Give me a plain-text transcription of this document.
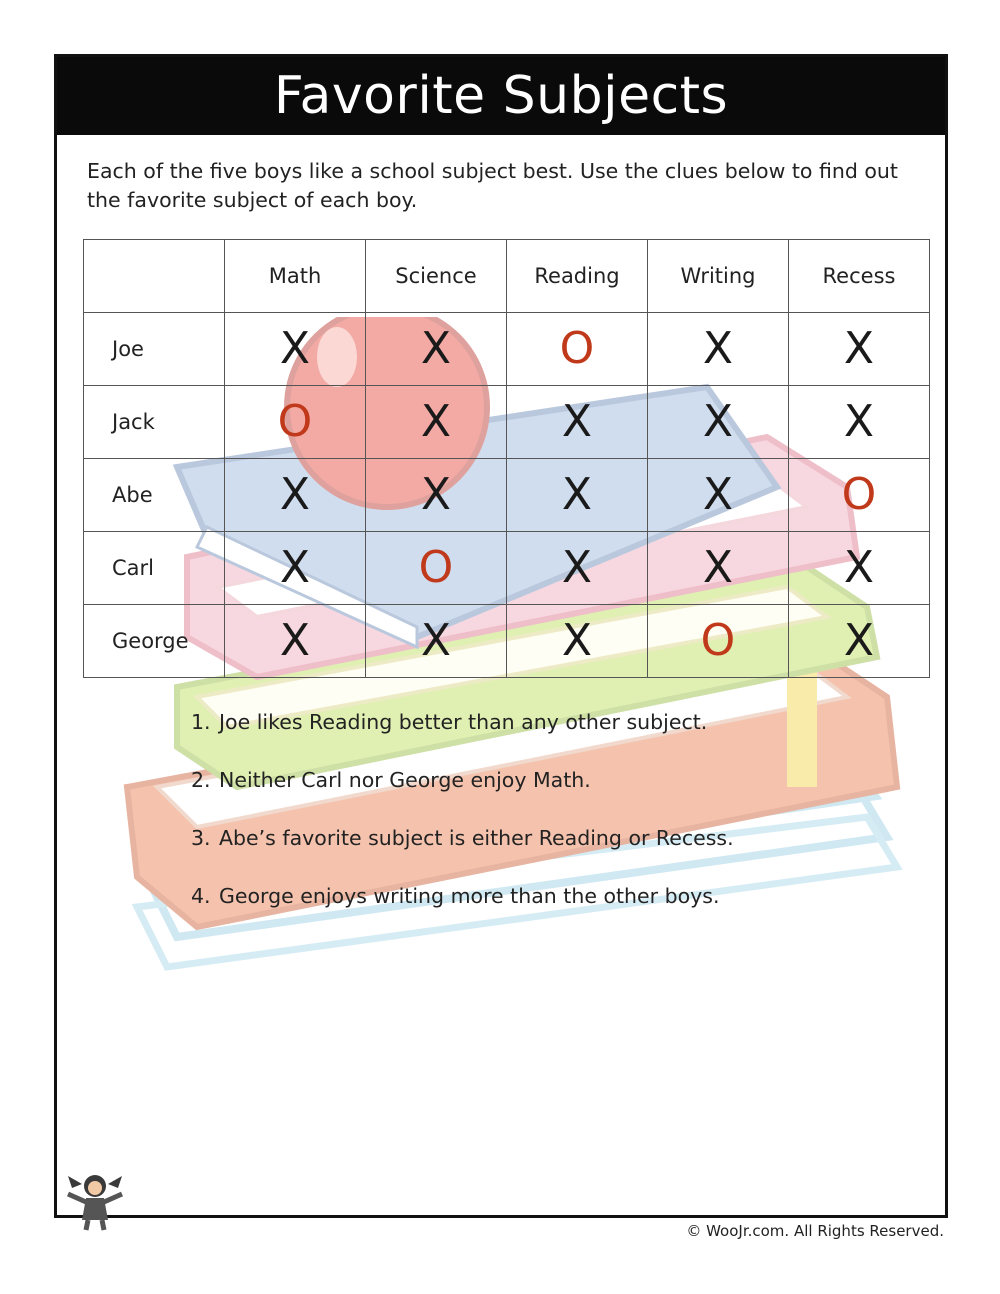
Favorite Subjects
Each of the five boys like a school subject best. Use the clues below to find out the favorite subject of each boy.
	Math	Science	Reading	Writing	Recess
Joe	X	X	O	X	X
Jack	O	X	X	X	X
Abe	X	X	X	X	O
Carl	X	O	X	X	X
George	X	X	X	O	X
1. Joe likes Reading better than any other subject.
2. Neither Carl nor George enjoy Math.
3. Abe’s favorite subject is either Reading or Recess.
4. George enjoys writing more than the other boys.
© WooJr.com. All Rights Reserved.
